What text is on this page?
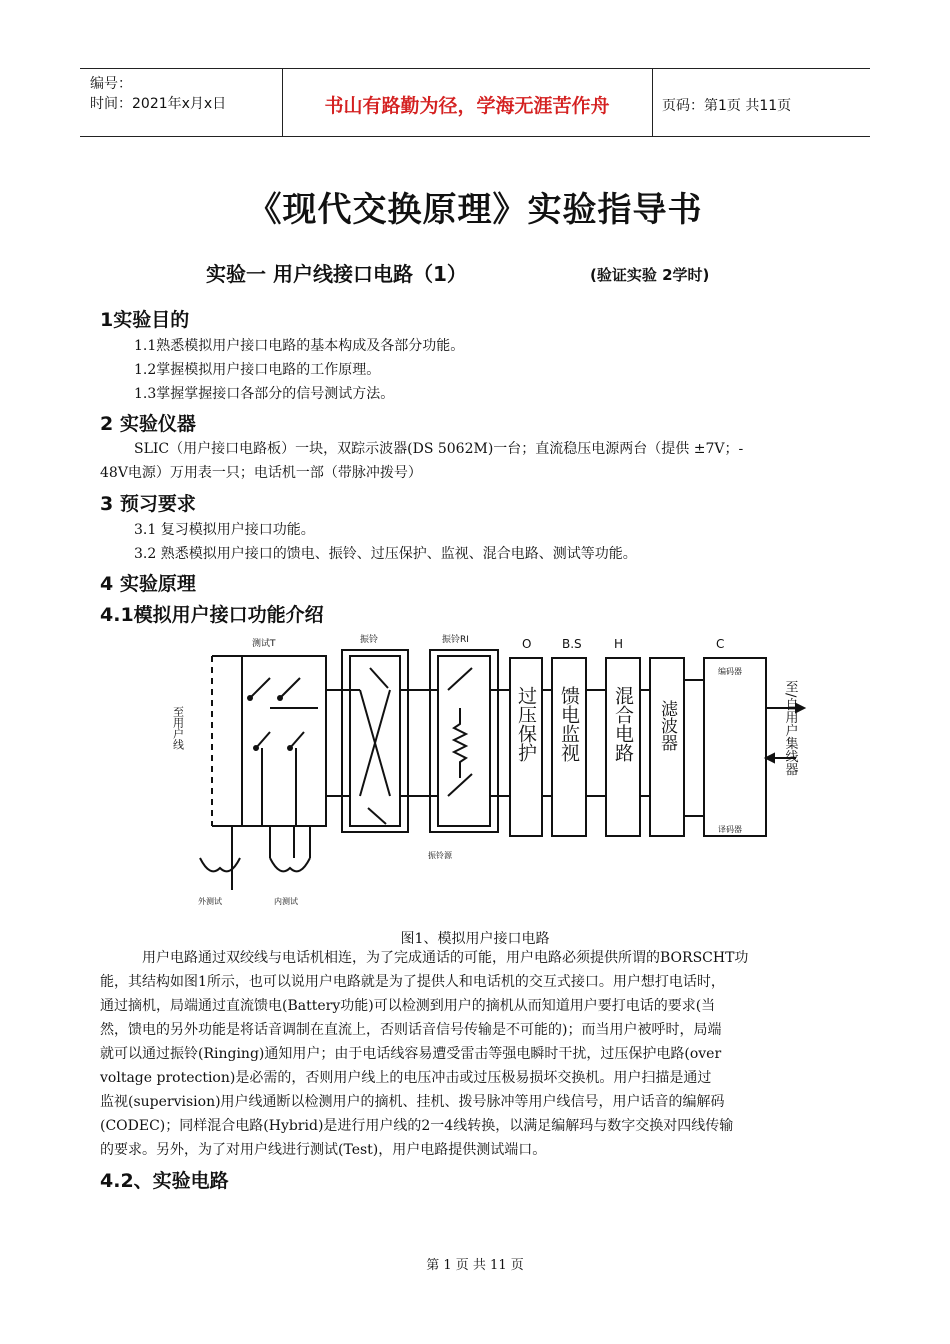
编号：
时间：2021年x月x日	书山有路勤为径，学海无涯苦作舟	页码：第1页 共11页
《现代交换原理》实验指导书
实验一 用户线接口电路（1）	(验证实验 2学时)
1实验目的
1.1熟悉模拟用户接口电路的基本构成及各部分功能。
1.2掌握模拟用户接口电路的工作原理。
1.3掌握掌握接口各部分的信号测试方法。
2 实验仪器
SLIC（用户接口电路板）一块，双踪示波器(DS 5062M)一台；直流稳压电源两台（提供 ±7V；-
48V电源）万用表一只；电话机一部（带脉冲拨号）
3 预习要求
3.1 复习模拟用户接口功能。
3.2 熟悉模拟用户接口的馈电、振铃、过压保护、监视、混合电路、测试等功能。
4 实验原理
4.1模拟用户接口功能介绍
测试T	振铃	振铃RI	O	B.S	H	C
编码器
译码器
振铃源
外测试	内测试
至用户线	过压保护 馈电监视 混合电路 滤波器	至/自用户集线器
图1、模拟用户接口电路
用户电路通过双绞线与电话机相连，为了完成通话的可能，用户电路必须提供所谓的BORSCHT功
能，其结构如图1所示，也可以说用户电路就是为了提供人和电话机的交互式接口。用户想打电话时，
通过摘机，局端通过直流馈电(Battery功能)可以检测到用户的摘机从而知道用户要打电话的要求(当
然，馈电的另外功能是将话音调制在直流上，否则话音信号传输是不可能的)；而当用户被呼时，局端
就可以通过振铃(Ringing)通知用户；由于电话线容易遭受雷击等强电瞬时干扰，过压保护电路(over
voltage protection)是必需的，否则用户线上的电压冲击或过压极易损坏交换机。用户扫描是通过
监视(supervision)用户线通断以检测用户的摘机、挂机、拨号脉冲等用户线信号，用户话音的编解码
(CODEC)；同样混合电路(Hybrid)是进行用户线的2一4线转换，以满足编解玛与数字交换对四线传输
的要求。另外，为了对用户线进行测试(Test)，用户电路提供测试端口。
4.2、实验电路
第 1 页 共 11 页
